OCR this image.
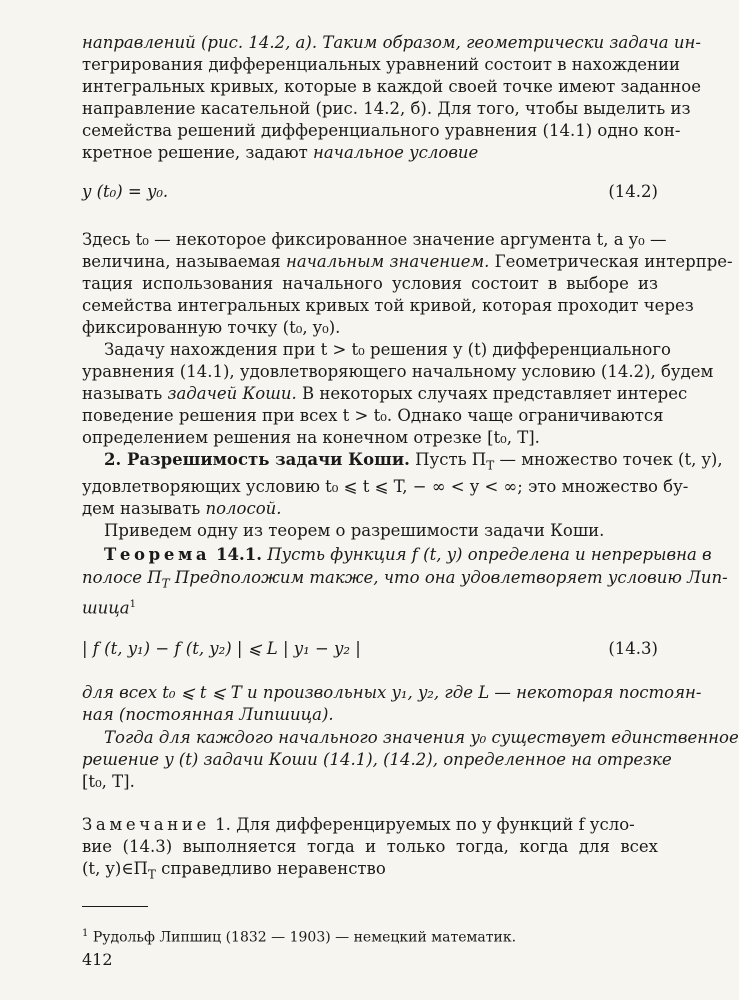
направлений (рис. 14.2, а). Таким образом, геометрически задача ин-
тегрирования дифференциальных уравнений состоит в нахождении
интегральных кривых, которые в каждой своей точке имеют заданное
направление касательной (рис. 14.2, б). Для того, чтобы выделить из
семейства решений дифференциального уравнения (14.1) одно кон-
кретное решение, задают начальное условие
y (t₀) = y₀.	(14.2)
Здесь t₀ — некоторое фиксированное значение аргумента t, а y₀ —
величина, называемая начальным значением. Геометрическая интерпре-
тация использования начального условия состоит в выборе из
семейства интегральных кривых той кривой, которая проходит через
фиксированную точку (t₀, y₀).
Задачу нахождения при t > t₀ решения y (t) дифференциального
уравнения (14.1), удовлетворяющего начальному условию (14.2), будем
называть задачей Коши. В некоторых случаях представляет интерес
поведение решения при всех t > t₀. Однако чаще ограничиваются
определением решения на конечном отрезке [t₀, T].
2. Разрешимость задачи Коши. Пусть $\Pi_T$ — множество точек (t, y),
удовлетворяющих условию t₀ ⩽ t ⩽ T, − ∞ < y < ∞; это множество бу-
дем называть полосой.
Приведем одну из теорем о разрешимости задачи Коши.
Теорема 14.1. Пусть функция f (t, y) определена и непрерывна в
полосе $\Pi_T$ Предположим также, что она удовлетворяет условию Лип-
шица$^1$
| f (t, y₁) − f (t, y₂) | ⩽ L | y₁ − y₂ |	(14.3)
для всех t₀ ⩽ t ⩽ T и произвольных y₁, y₂, где L — некоторая постоян-
ная (постоянная Липшица).
Тогда для каждого начального значения y₀ существует единственное
решение y (t) задачи Коши (14.1), (14.2), определенное на отрезке
[t₀, T].
Замечание 1. Для дифференцируемых по y функций f усло-
вие (14.3) выполняется тогда и только тогда, когда для всех
(t, $y)\in\Pi_T$ справедливо неравенство
$^1$ Рудольф Липшиц (1832 — 1903) — немецкий математик.
412
